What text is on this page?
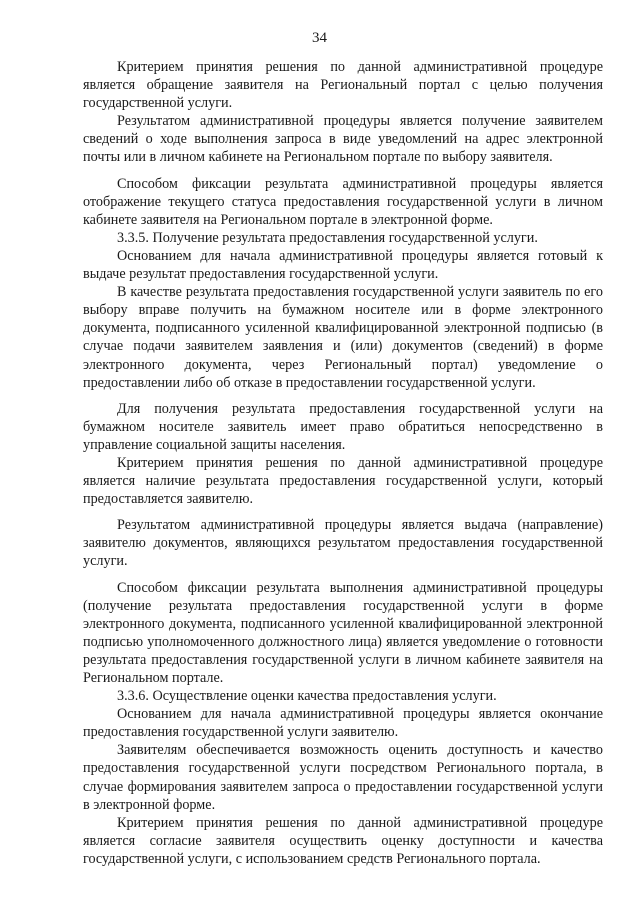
34

Критерием принятия решения по данной административной процедуре является обращение заявителя на Региональный портал с целью получения государственной услуги.

Результатом административной процедуры является получение заявителем сведений о ходе выполнения запроса в виде уведомлений на адрес электронной почты или в личном кабинете на Региональном портале по выбору заявителя.

Способом фиксации результата административной процедуры является отображение текущего статуса предоставления государственной услуги в личном кабинете заявителя на Региональном портале в электронной форме.

3.3.5. Получение результата предоставления государственной услуги.

Основанием для начала административной процедуры является готовый к выдаче результат предоставления государственной услуги.

В качестве результата предоставления государственной услуги заявитель по его выбору вправе получить на бумажном носителе или в форме электронного документа, подписанного усиленной квалифицированной электронной подписью (в случае подачи заявителем заявления и (или) документов (сведений) в форме электронного документа, через Региональный портал) уведомление о предоставлении либо об отказе в предоставлении государственной услуги.

Для получения результата предоставления государственной услуги на бумажном носителе заявитель имеет право обратиться непосредственно в управление социальной защиты населения.

Критерием принятия решения по данной административной процедуре является наличие результата предоставления государственной услуги, который предоставляется заявителю.

Результатом административной процедуры является выдача (направление) заявителю документов, являющихся результатом предоставления государственной услуги.

Способом фиксации результата выполнения административной процедуры (получение результата предоставления государственной услуги в форме электронного документа, подписанного усиленной квалифицированной электронной подписью уполномоченного должностного лица) является уведомление о готовности результата предоставления государственной услуги в личном кабинете заявителя на Региональном портале.

3.3.6. Осуществление оценки качества предоставления услуги.

Основанием для начала административной процедуры является окончание предоставления государственной услуги заявителю.

Заявителям обеспечивается возможность оценить доступность и качество предоставления государственной услуги посредством Регионального портала, в случае формирования заявителем запроса о предоставлении государственной услуги в электронной форме.

Критерием принятия решения по данной административной процедуре является согласие заявителя осуществить оценку доступности и качества государственной услуги, с использованием средств Регионального портала.
